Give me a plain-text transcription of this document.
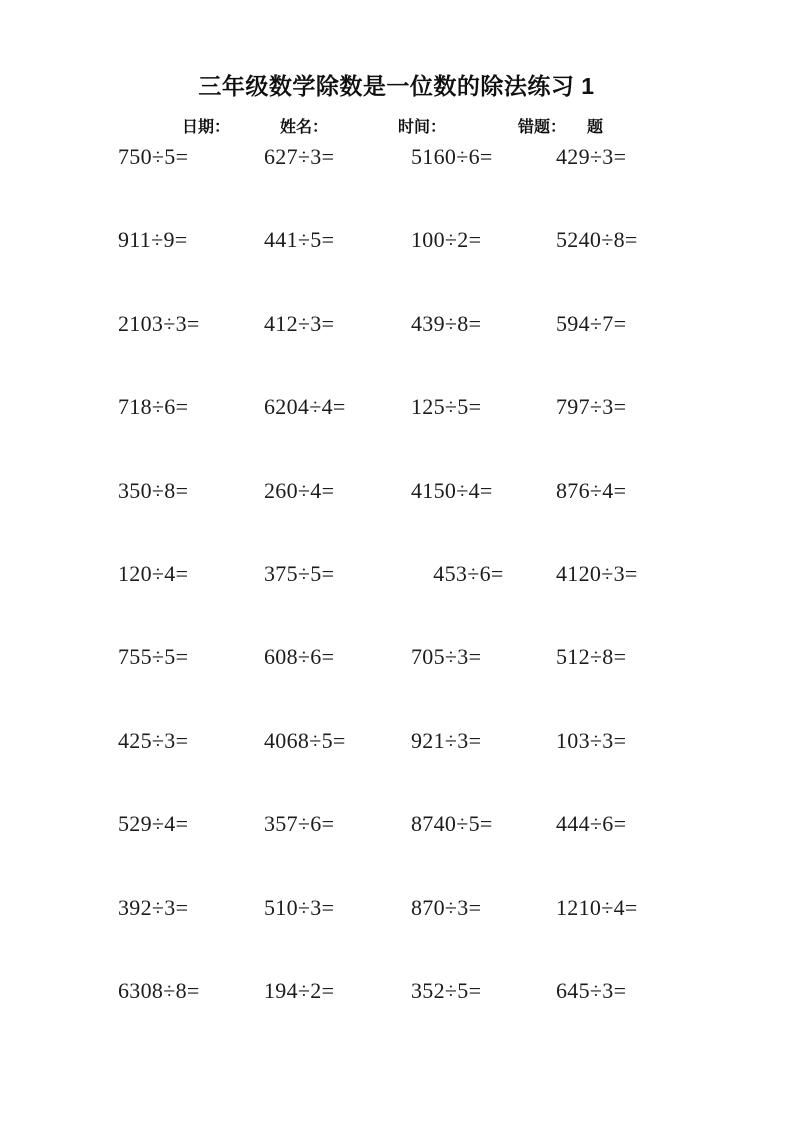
三年级数学除数是一位数的除法练习 1
日期：	姓名：	时间：	错题： 题
750÷5=	627÷3=	5160÷6=	429÷3=
911÷9=	441÷5=	100÷2=	5240÷8=
2103÷3=	412÷3=	439÷8=	594÷7=
718÷6=	6204÷4=	125÷5=	797÷3=
350÷8=	260÷4=	4150÷4=	876÷4=
120÷4=	375÷5=	　453÷6=	4120÷3=
755÷5=	608÷6=	705÷3=	512÷8=
425÷3=	4068÷5=	921÷3=	103÷3=
529÷4=	357÷6=	8740÷5=	444÷6=
392÷3=	510÷3=	870÷3=	1210÷4=
6308÷8=	194÷2=	352÷5=	645÷3=
